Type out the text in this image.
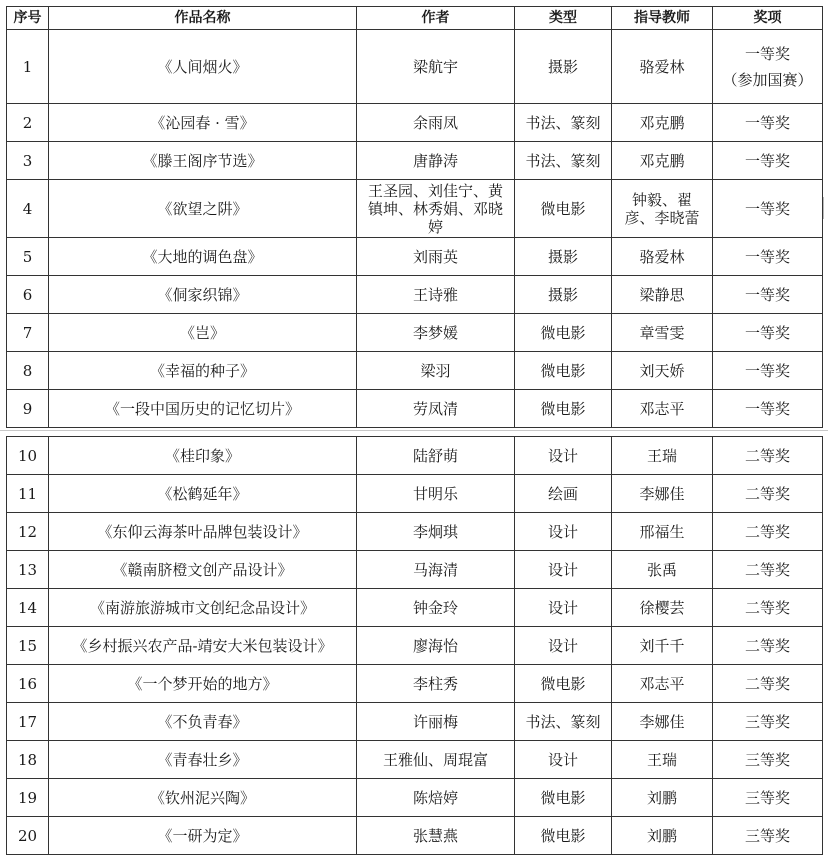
序号	作品名称	作者	类型	指导教师	奖项
1	《人间烟火》	梁航宇	摄影	骆爱林	一等奖
（参加国赛）
2	《沁园春 · 雪》	余雨凤	书法、篆刻	邓克鹏	一等奖
3	《滕王阁序节选》	唐静涛	书法、篆刻	邓克鹏	一等奖
4	《欲望之阱》	王圣园、刘佳宁、黄镇坤、林秀娟、邓晓婷	微电影	钟毅、翟彦、李晓蕾	一等奖
5	《大地的调色盘》	刘雨英	摄影	骆爱林	一等奖
6	《侗家织锦》	王诗雅	摄影	梁静思	一等奖
7	《岂》	李梦媛	微电影	章雪雯	一等奖
8	《幸福的种子》	梁羽	微电影	刘天娇	一等奖
9	《一段中国历史的记忆切片》	劳凤清	微电影	邓志平	一等奖
10	《桂印象》	陆舒萌	设计	王瑞	二等奖
11	《松鹤延年》	甘明乐	绘画	李娜佳	二等奖
12	《东仰云海茶叶品牌包装设计》	李炯琪	设计	邢福生	二等奖
13	《赣南脐橙文创产品设计》	马海清	设计	张禹	二等奖
14	《南游旅游城市文创纪念品设计》	钟金玲	设计	徐樱芸	二等奖
15	《乡村振兴农产品-靖安大米包装设计》	廖海怡	设计	刘千千	二等奖
16	《一个梦开始的地方》	李柱秀	微电影	邓志平	二等奖
17	《不负青春》	许丽梅	书法、篆刻	李娜佳	三等奖
18	《青春壮乡》	王雅仙、周琨富	设计	王瑞	三等奖
19	《钦州泥兴陶》	陈焙婷	微电影	刘鹏	三等奖
20	《一研为定》	张慧燕	微电影	刘鹏	三等奖
